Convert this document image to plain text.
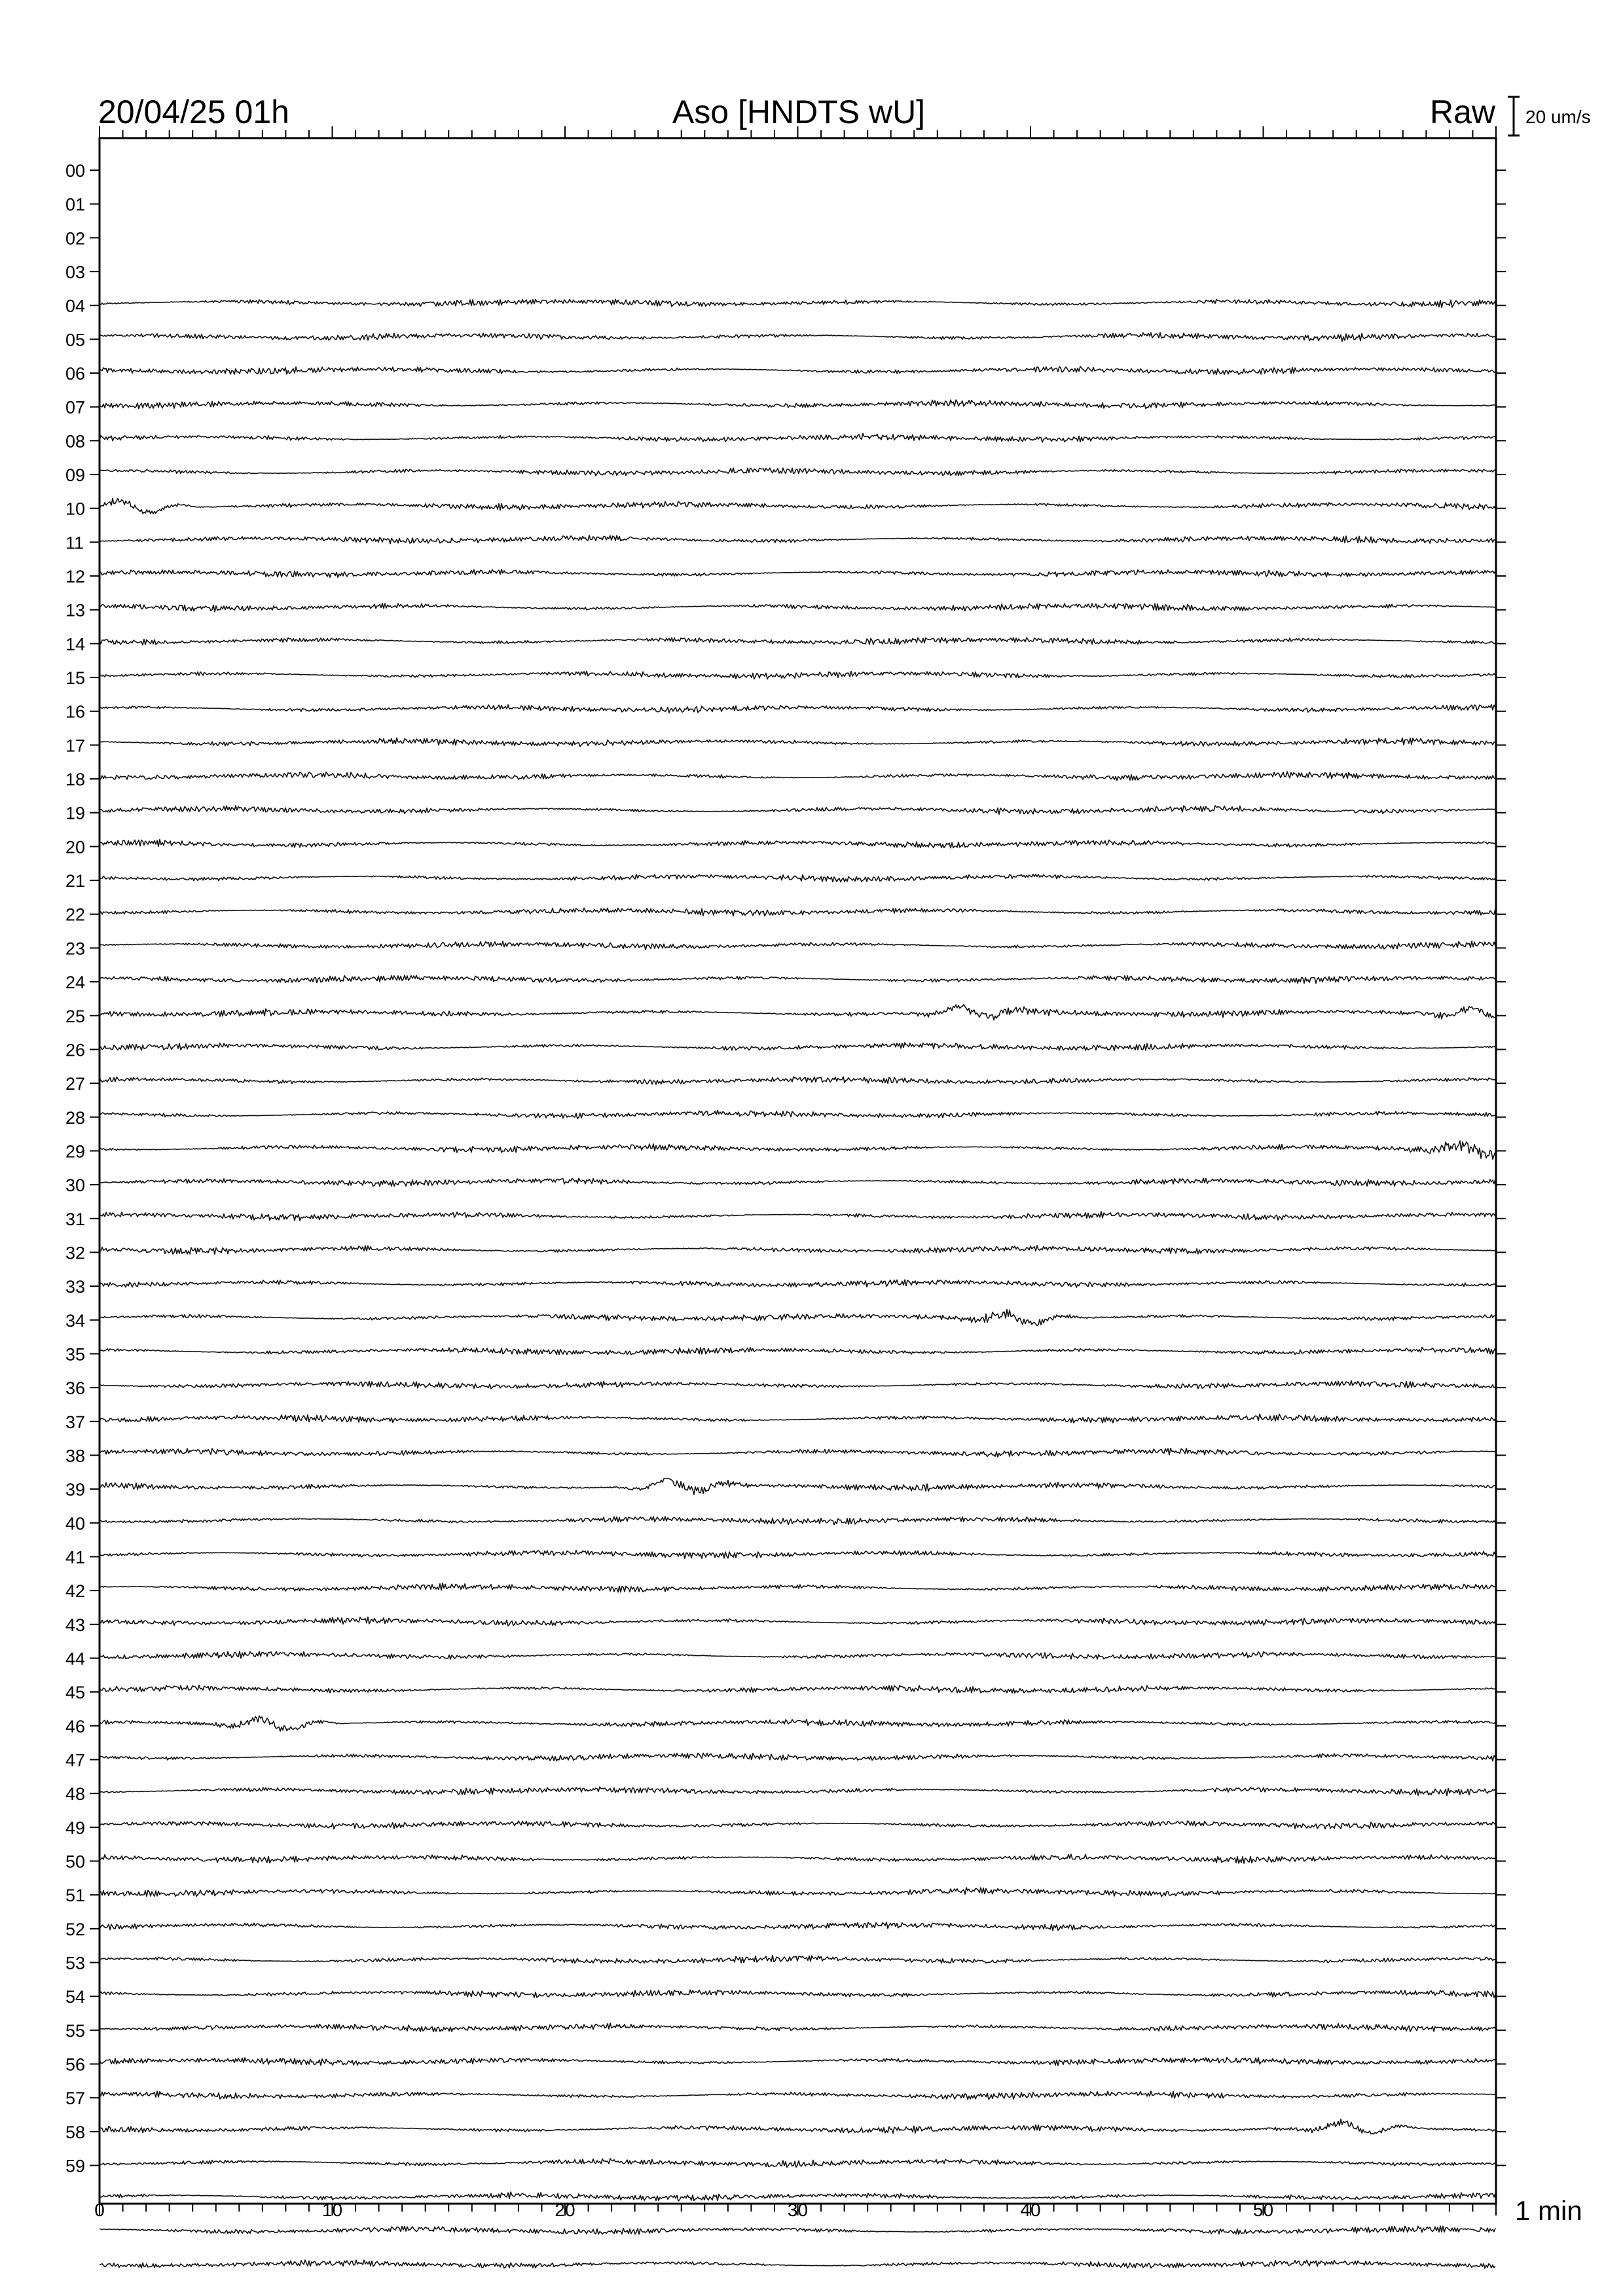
20/04/25 01h	Aso [HNDTS wU]	Raw 20 um/s
00
01
02
03
04
05
06
07
08
09
10
11
12
13
14
15
16
17
18
19
20
21
22
23
24
25
26
27
28
29
30
31
32
33
34
35
36
37
38
39
40
41
42
43
44
45
46
47
48
49
50
51
52
53
54
55
56
57
58
59
0	10	20	30	40	50	1 min
